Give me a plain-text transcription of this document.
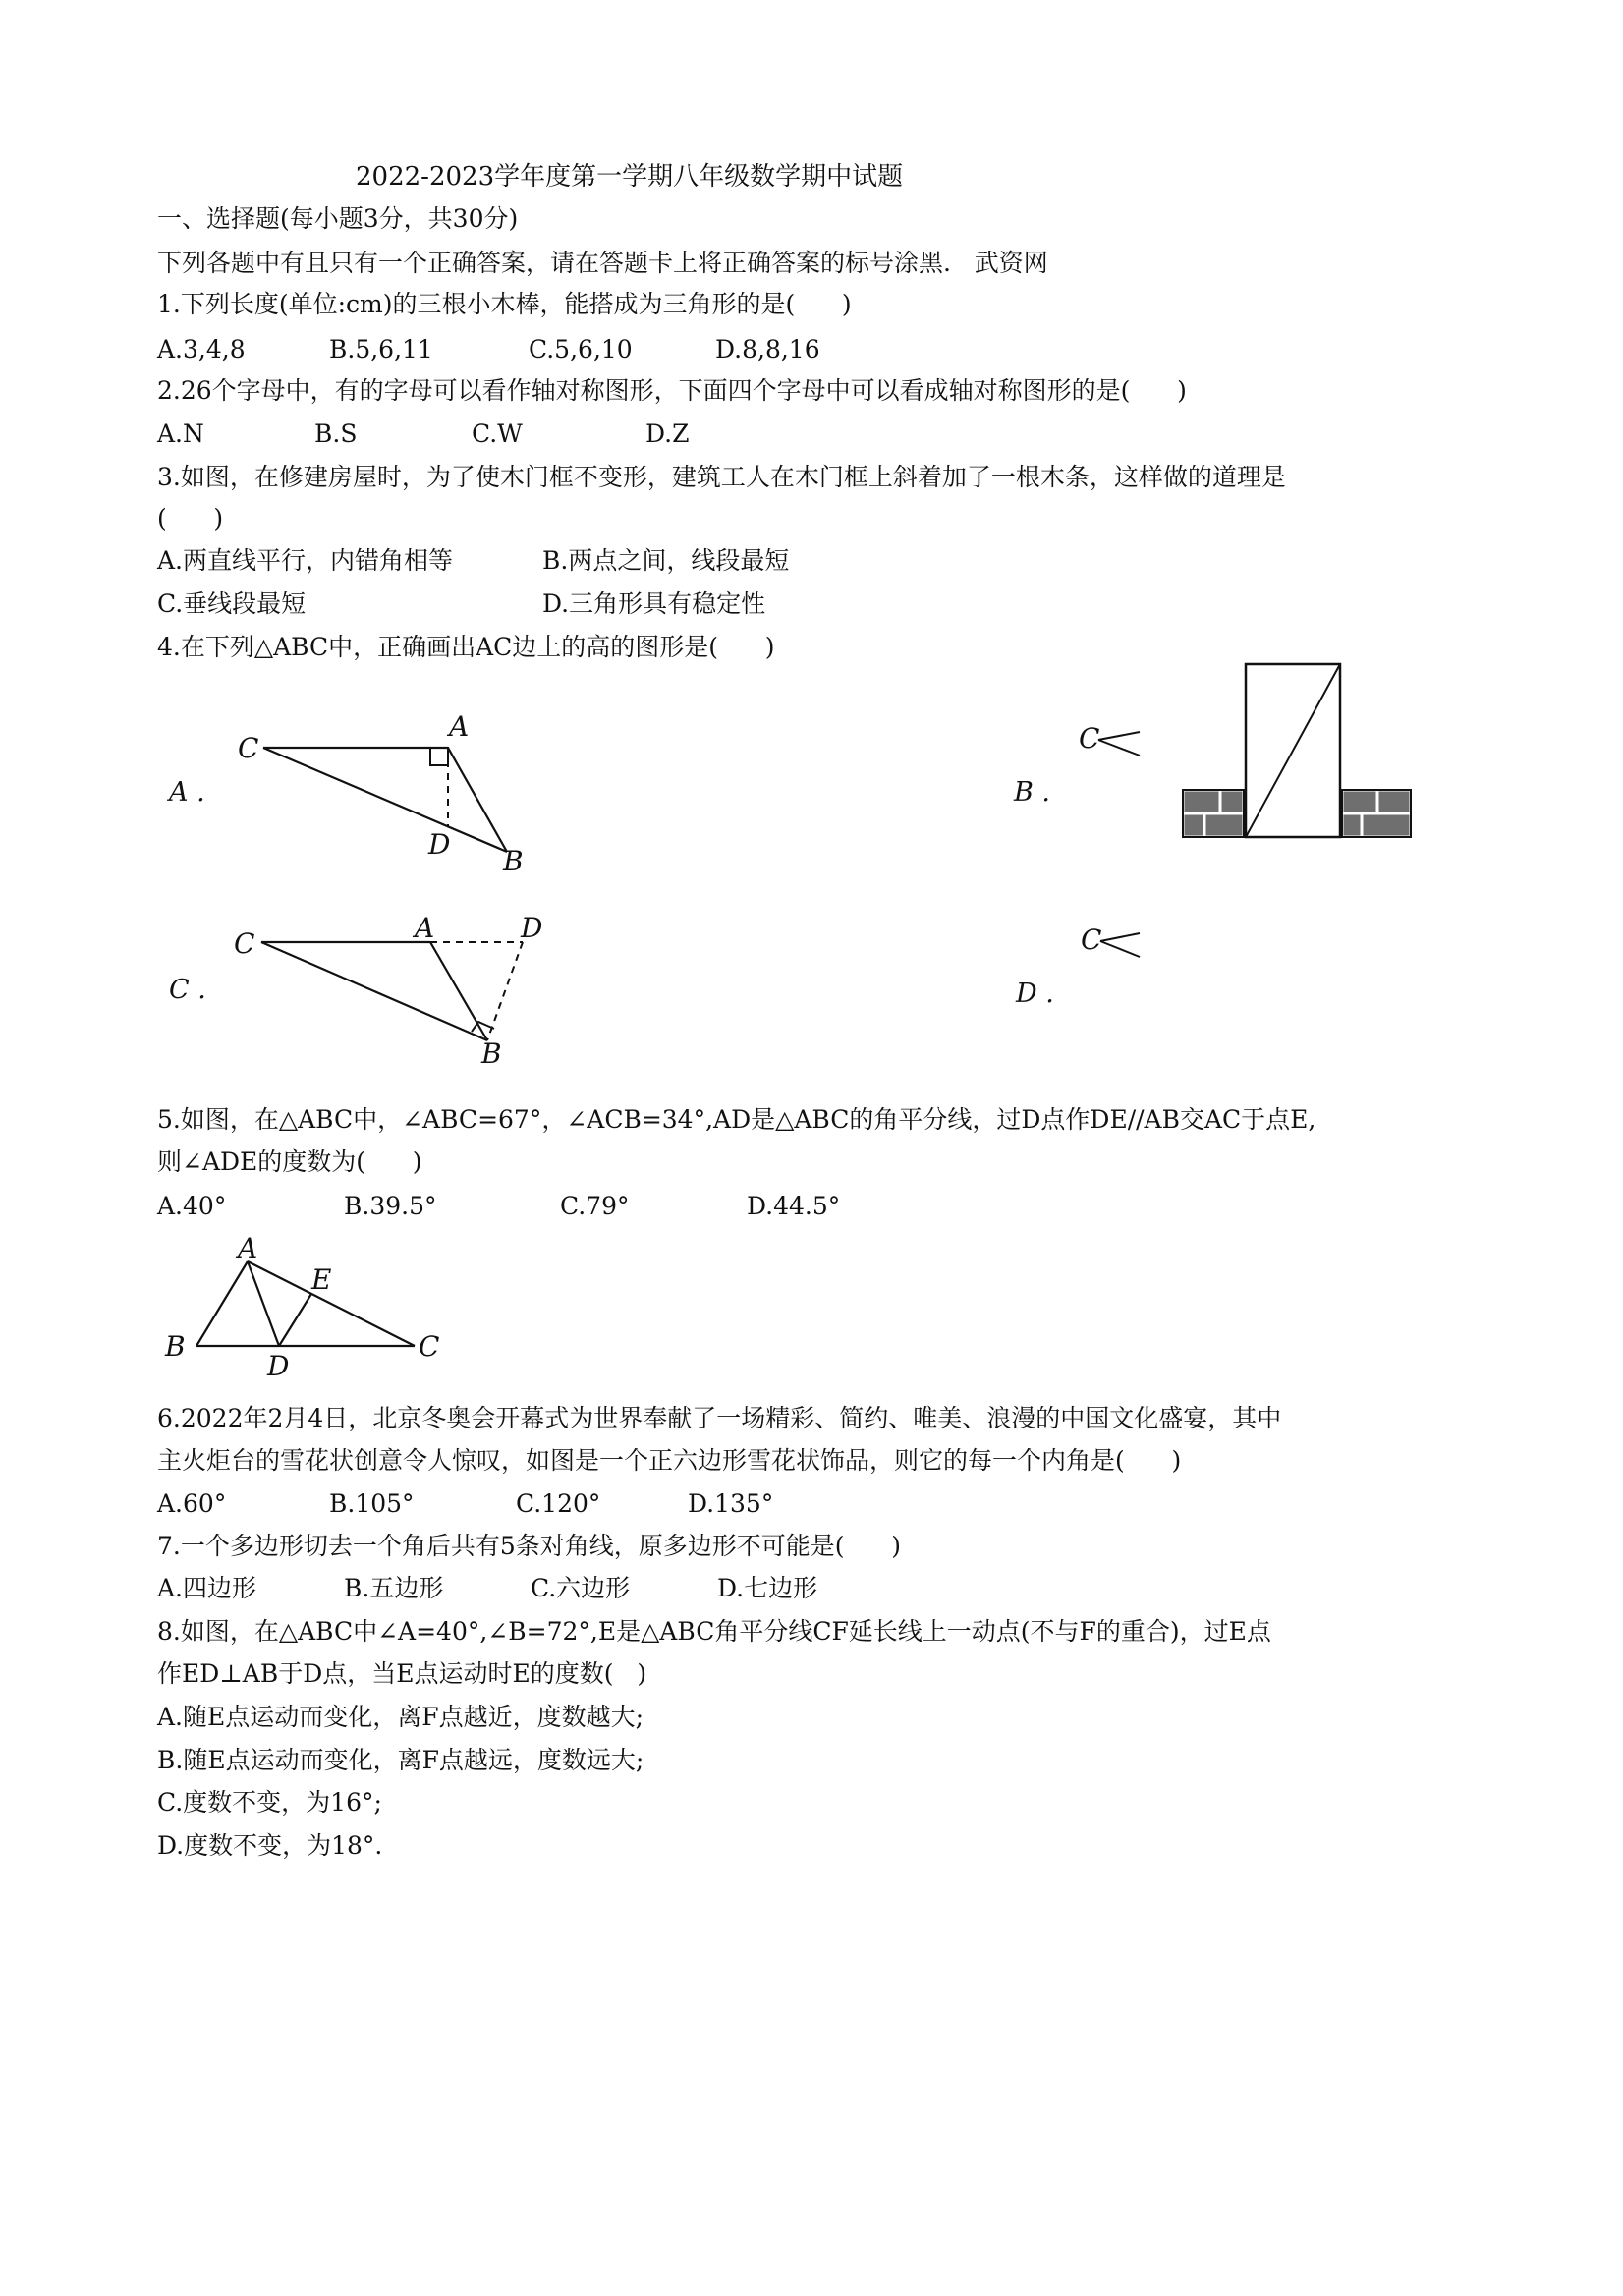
2022-2023学年度第一学期八年级数学期中试题
一、选择题(每小题3分，共30分)
下列各题中有且只有一个正确答案，请在答题卡上将正确答案的标号涂黑.   武资网
1.下列长度(单位:cm)的三根小木棒，能搭成为三角形的是(      )
A.3,4,8	B.5,6,11	C.5,6,10	D.8,8,16
2.26个字母中，有的字母可以看作轴对称图形，下面四个字母中可以看成轴对称图形的是(      )
A.N	B.S	C.W	D.Z
3.如图，在修建房屋时，为了使木门框不变形，建筑工人在木门框上斜着加了一根木条，这样做的道理是
(      )
A.两直线平行，内错角相等	B.两点之间，线段最短
C.垂线段最短	D.三角形具有稳定性
4.在下列△ABC中，正确画出AC边上的高的图形是(      )
A .
C
A
D
B
C .
C	A	D
B
B .
C
D .
C
5.如图，在△ABC中，∠ABC=67°，∠ACB=34°,AD是△ABC的角平分线，过D点作DE//AB交AC于点E,
则∠ADE的度数为(      )
A.40°	B.39.5°	C.79°	D.44.5°
A
E
B	C
D
6.2022年2月4日，北京冬奥会开幕式为世界奉献了一场精彩、简约、唯美、浪漫的中国文化盛宴，其中
主火炬台的雪花状创意令人惊叹，如图是一个正六边形雪花状饰品，则它的每一个内角是(      )
A.60°	B.105°	C.120°	D.135°
7.一个多边形切去一个角后共有5条对角线，原多边形不可能是(      )
A.四边形	B.五边形	C.六边形	D.七边形
8.如图，在△ABC中∠A=40°,∠B=72°,E是△ABC角平分线CF延长线上一动点(不与F的重合)，过E点
作ED⊥AB于D点，当E点运动时E的度数(   )
A.随E点运动而变化，离F点越近，度数越大;
B.随E点运动而变化，离F点越远，度数远大;
C.度数不变，为16°;
D.度数不变，为18°.
